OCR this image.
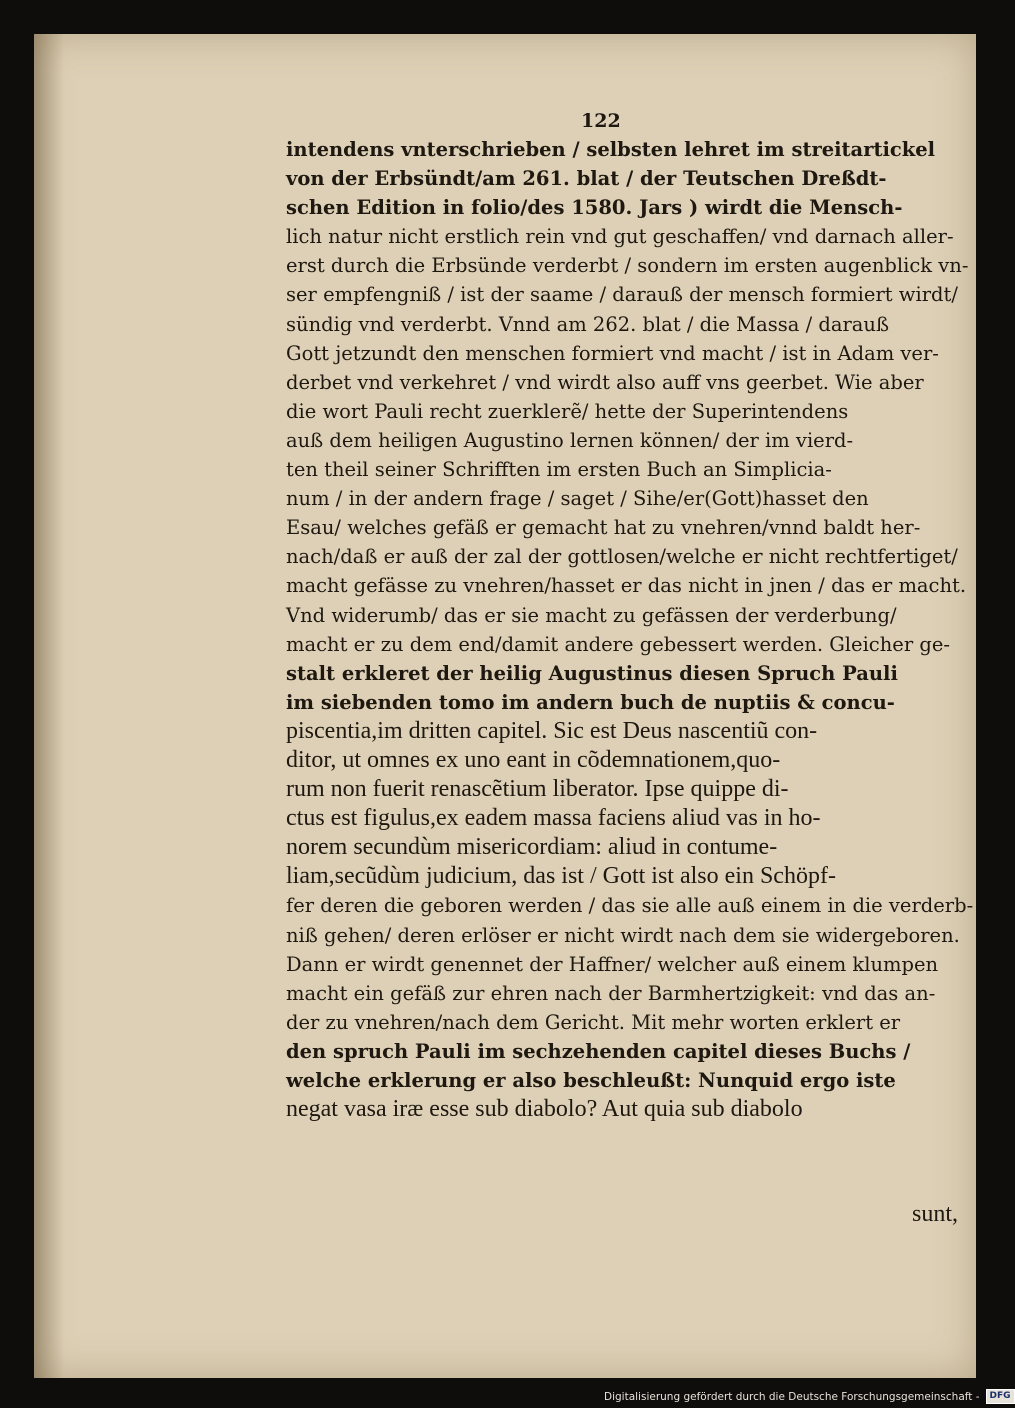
122
intendens vnterschrieben / selbsten lehret im streitartickel
von der Erbsündt/am 261. blat / der Teutschen Dreßdt-
schen Edition in folio/des 1580. Jars ) wirdt die Mensch-
lich natur nicht erstlich rein vnd gut geschaffen/ vnd darnach aller-
erst durch die Erbsünde verderbt / sondern im ersten augenblick vn-
ser empfengniß / ist der saame / darauß der mensch formiert wirdt/
sündig vnd verderbt. Vnnd am 262. blat / die Massa / darauß
Gott jetzundt den menschen formiert vnd macht / ist in Adam ver-
derbet vnd verkehret / vnd wirdt also auff vns geerbet. Wie aber
die wort Pauli recht zuerklerẽ/ hette der Superintendens
auß dem heiligen Augustino lernen können/ der im vierd-
ten theil seiner Schrifften im ersten Buch an Simplicia-
num / in der andern frage / saget / Sihe/er(Gott)hasset den
Esau/ welches gefäß er gemacht hat zu vnehren/vnnd baldt her-
nach/daß er auß der zal der gottlosen/welche er nicht rechtfertiget/
macht gefässe zu vnehren/hasset er das nicht in jnen / das er macht.
Vnd widerumb/ das er sie macht zu gefässen der verderbung/
macht er zu dem end/damit andere gebessert werden. Gleicher ge-
stalt erkleret der heilig Augustinus diesen Spruch Pauli
im siebenden tomo im andern buch de nuptiis & concu-
piscentia,im dritten capitel. Sic est Deus nascentiũ con-
ditor, ut omnes ex uno eant in cõdemnationem,quo-
rum non fuerit renascẽtium liberator. Ipse quippe di-
ctus est figulus,ex eadem massa faciens aliud vas in ho-
norem secundùm misericordiam: aliud in contume-
liam,secũdùm judicium, das ist / Gott ist also ein Schöpf-
fer deren die geboren werden / das sie alle auß einem in die verderb-
niß gehen/ deren erlöser er nicht wirdt nach dem sie widergeboren.
Dann er wirdt genennet der Haffner/ welcher auß einem klumpen
macht ein gefäß zur ehren nach der Barmhertzigkeit: vnd das an-
der zu vnehren/nach dem Gericht. Mit mehr worten erklert er
den spruch Pauli im sechzehenden capitel dieses Buchs /
welche erklerung er also beschleußt: Nunquid ergo iste
negat vasa iræ esse sub diabolo? Aut quia sub diabolo
sunt,
Digitalisierung gefördert durch die Deutsche Forschungsgemeinschaft -	DFG
